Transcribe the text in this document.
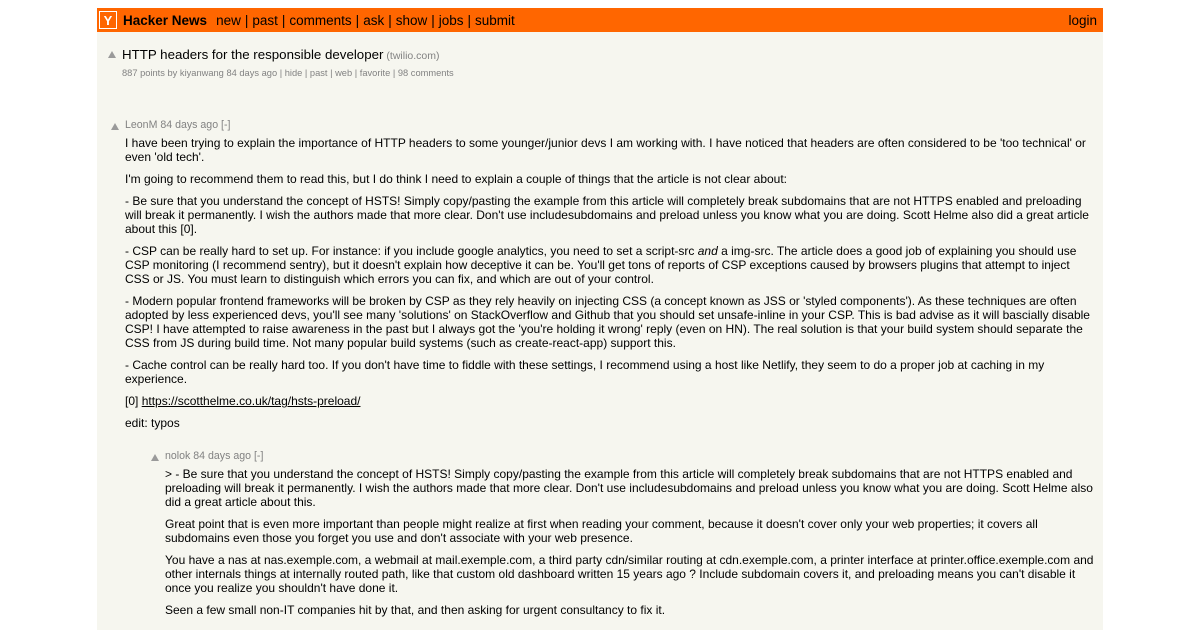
Y Hacker News new | past | comments | ask | show | jobs | submit	login
HTTP headers for the responsible developer (twilio.com)
887 points by kiyanwang 84 days ago | hide | past | web | favorite | 98 comments
LeonM 84 days ago [-]

I have been trying to explain the importance of HTTP headers to some younger/junior devs I am working with. I have noticed that headers are often considered to be 'too technical' or even 'old tech'.

I'm going to recommend them to read this, but I do think I need to explain a couple of things that the article is not clear about:

- Be sure that you understand the concept of HSTS! Simply copy/pasting the example from this article will completely break subdomains that are not HTTPS enabled and preloading will break it permanently. I wish the authors made that more clear. Don't use includesubdomains and preload unless you know what you are doing. Scott Helme also did a great article about this [0].

- CSP can be really hard to set up. For instance: if you include google analytics, you need to set a script-src and a img-src. The article does a good job of explaining you should use CSP monitoring (I recommend sentry), but it doesn't explain how deceptive it can be. You'll get tons of reports of CSP exceptions caused by browsers plugins that attempt to inject CSS or JS. You must learn to distinguish which errors you can fix, and which are out of your control.

- Modern popular frontend frameworks will be broken by CSP as they rely heavily on injecting CSS (a concept known as JSS or 'styled components'). As these techniques are often adopted by less experienced devs, you'll see many 'solutions' on StackOverflow and Github that you should set unsafe-inline in your CSP. This is bad advise as it will bascially disable CSP! I have attempted to raise awareness in the past but I always got the 'you're holding it wrong' reply (even on HN). The real solution is that your build system should separate the CSS from JS during build time. Not many popular build systems (such as create-react-app) support this.

- Cache control can be really hard too. If you don't have time to fiddle with these settings, I recommend using a host like Netlify, they seem to do a proper job at caching in my experience.

[0] https://scotthelme.co.uk/tag/hsts-preload/

edit: typos

nolok 84 days ago [-]

> - Be sure that you understand the concept of HSTS! Simply copy/pasting the example from this article will completely break subdomains that are not HTTPS enabled and preloading will break it permanently. I wish the authors made that more clear. Don't use includesubdomains and preload unless you know what you are doing. Scott Helme also did a great article about this.

Great point that is even more important than people might realize at first when reading your comment, because it doesn't cover only your web properties; it covers all subdomains even those you forget you use and don't associate with your web presence.

You have a nas at nas.exemple.com, a webmail at mail.exemple.com, a third party cdn/similar routing at cdn.exemple.com, a printer interface at printer.office.exemple.com and other internals things at internally routed path, like that custom old dashboard written 15 years ago ? Include subdomain covers it, and preloading means you can't disable it once you realize you shouldn't have done it.

Seen a few small non-IT companies hit by that, and then asking for urgent consultancy to fix it.
